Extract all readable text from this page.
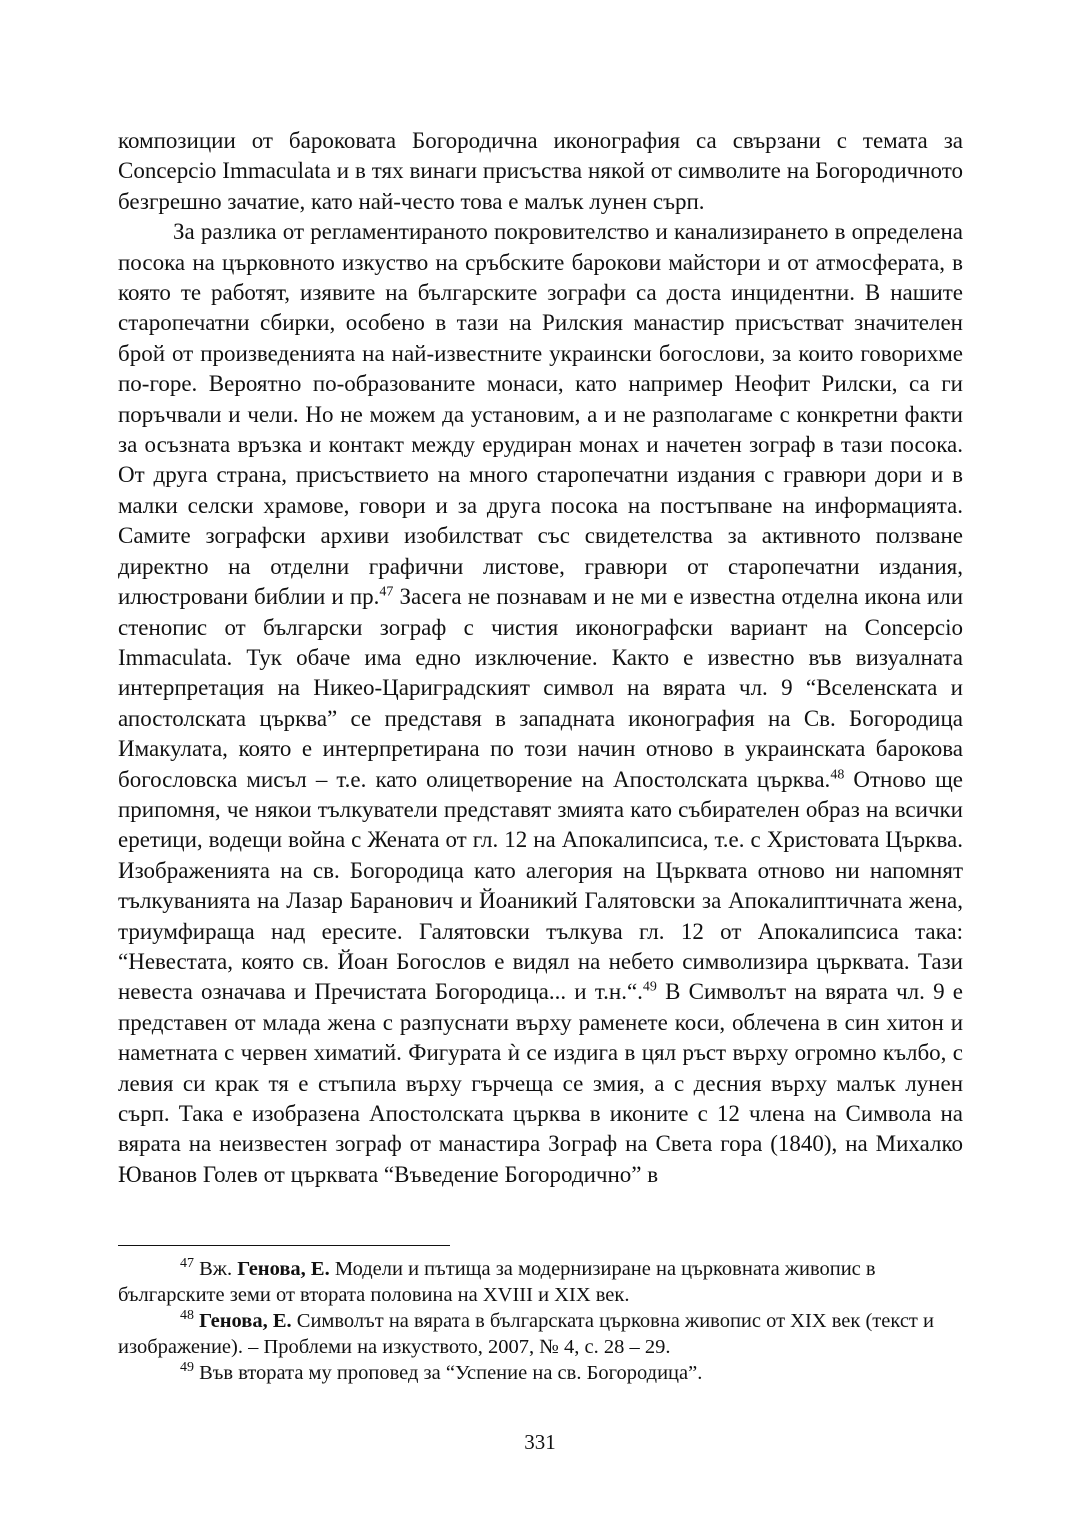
композиции от бароковата Богородична иконография са свързани с темата за Concepcio Immaculata и в тях винаги присъства някой от символите на Богородичното безгрешно зачатие, като най-често това е малък лунен сърп.

За разлика от регламентираното покровителство и канализирането в определена посока на църковното изкуство на сръбските барокови майстори и от атмосферата, в която те работят, изявите на българските зографи са доста инцидентни. В нашите старопечатни сбирки, особено в тази на Рилския манастир присъстват значителен брой от произведенията на най-известните украински богослови, за които говорихме по-горе. Вероятно по-образованите монаси, като например Неофит Рилски, са ги поръчвали и чели. Но не можем да установим, а и не разполагаме с конкретни факти за осъзната връзка и контакт между ерудиран монах и начетен зограф в тази посока. От друга страна, присъствието на много старопечатни издания с гравюри дори и в малки селски храмове, говори и за друга посока на постъпване на информацията. Самите зографски архиви изобилстват със свидетелства за активното ползване директно на отделни графични листове, гравюри от старопечатни издания, илюстровани библии и пр.$^{47}$ Засега не познавам и не ми е известна отделна икона или стенопис от български зограф с чистия иконографски вариант на Concepcio Immaculata. Тук обаче има едно изключение. Както е известно във визуалната интерпретация на Никео-Цариградският символ на вярата чл. 9 “Вселенската и апостолската църква” се представя в западната иконография на Св. Богородица Имакулата, която е интерпретирана по този начин отново в украинската барокова богословска мисъл – т.е. като олицетворение на Апостолската църква.$^{48}$ Отново ще припомня, че някои тълкуватели представят змията като събирателен образ на всички еретици, водещи война с Жената от гл. 12 на Апокалипсиса, т.е. с Христовата Църква. Изображенията на св. Богородица като алегория на Църквата отново ни напомнят тълкуванията на Лазар Баранович и Йоаникий Галятовски за Апокалиптичната жена, триумфираща над ересите. Галятовски тълкува гл. 12 от Апокалипсиса така: “Невестата, която св. Йоан Богослов е видял на небето символизира църквата. Тази невеста означава и Пречистата Богородица... и т.н.“.$^{49}$ В Символът на вярата чл. 9 е представен от млада жена с разпуснати върху раменете коси, облечена в син хитон и наметната с червен химатий. Фигурата ѝ се издига в цял ръст върху огромно кълбо, с левия си крак тя е стъпила върху гърчеща се змия, а с десния върху малък лунен сърп. Така е изобразена Апостолската църква в иконите с 12 члена на Символа на вярата на неизвестен зограф от манастира Зограф на Света гора (1840), на Михалко Юванов Голев от църквата “Въведение Богородично” в

$^{47}$ Вж. Генова, Е. Модели и пътища за модернизиране на църковната живопис в българските земи от втората половина на XVIII и XIX век.

$^{48}$ Генова, Е. Символът на вярата в българската църковна живопис от XIX век (текст и изображение). – Проблеми на изкуството, 2007, № 4, с. 28 – 29.

$^{49}$ Във втората му проповед за “Успение на св. Богородица”.

331
